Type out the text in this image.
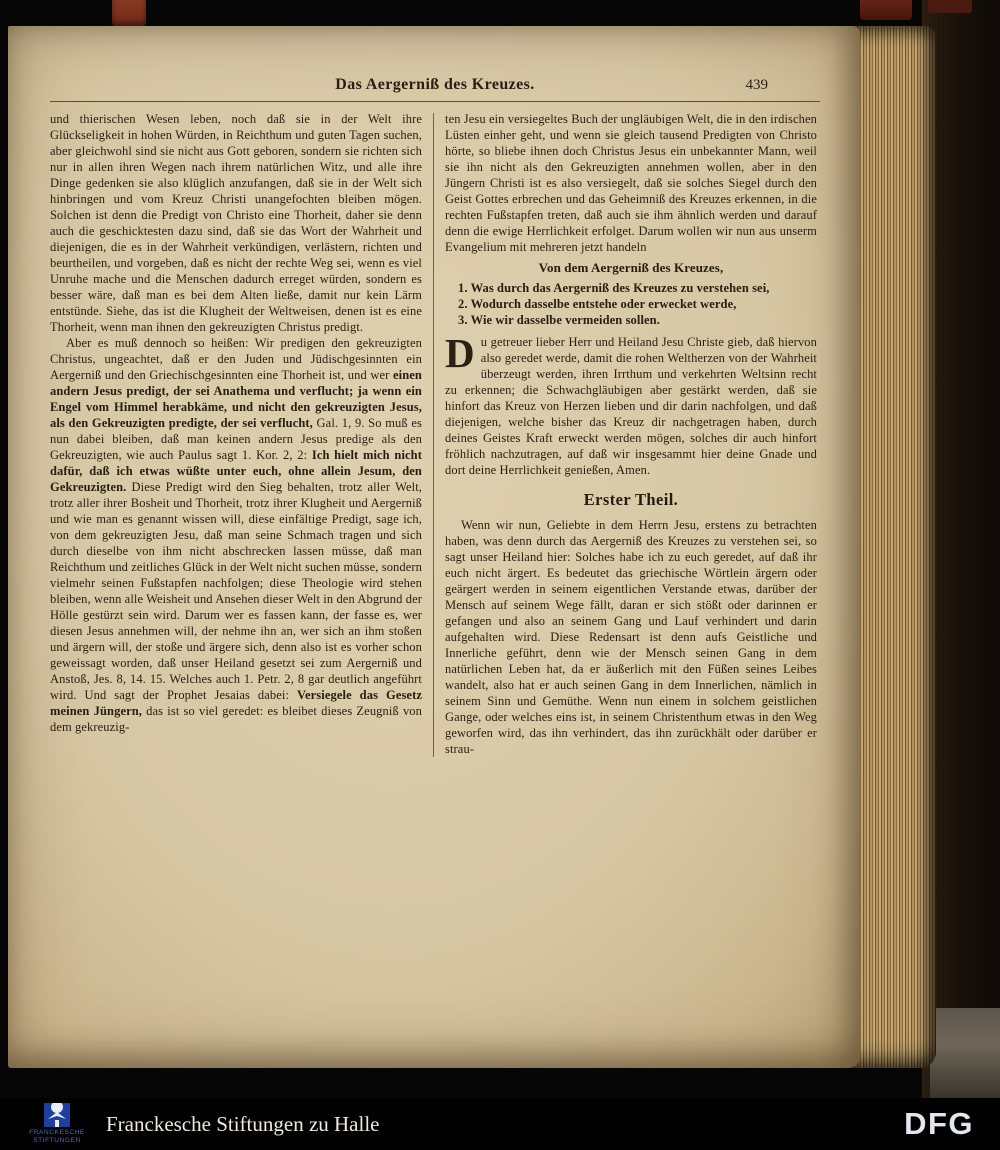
Das Aergerniß des Kreuzes.	439

und thierischen Wesen leben, noch daß sie in der Welt ihre Glückseligkeit in hohen Würden, in Reichthum und guten Tagen suchen, aber gleichwohl sind sie nicht aus Gott geboren, sondern sie richten sich nur in allen ihren Wegen nach ihrem natürlichen Witz, und alle ihre Dinge gedenken sie also klüglich anzufangen, daß sie in der Welt sich hinbringen und vom Kreuz Christi unangefochten bleiben mögen. Solchen ist denn die Predigt von Christo eine Thorheit, daher sie denn auch die geschicktesten dazu sind, daß sie das Wort der Wahrheit und diejenigen, die es in der Wahrheit verkündigen, verlästern, richten und beurtheilen, und vorgeben, daß es nicht der rechte Weg sei, wenn es viel Unruhe mache und die Menschen dadurch erreget würden, sondern es besser wäre, daß man es bei dem Alten ließe, damit nur kein Lärm entstünde. Siehe, das ist die Klugheit der Weltweisen, denen ist es eine Thorheit, wenn man ihnen den gekreuzigten Christus predigt.

Aber es muß dennoch so heißen: Wir predigen den gekreuzigten Christus, ungeachtet, daß er den Juden und Jüdischgesinnten ein Aergerniß und den Griechischgesinnten eine Thorheit ist, und wer einen andern Jesus predigt, der sei Anathema und verflucht; ja wenn ein Engel vom Himmel herabkäme, und nicht den gekreuzigten Jesus, als den Gekreuzigten predigte, der sei verflucht, Gal. 1, 9. So muß es nun dabei bleiben, daß man keinen andern Jesus predige als den Gekreuzigten, wie auch Paulus sagt 1. Kor. 2, 2: Ich hielt mich nicht dafür, daß ich etwas wüßte unter euch, ohne allein Jesum, den Gekreuzigten. Diese Predigt wird den Sieg behalten, trotz aller Welt, trotz aller ihrer Bosheit und Thorheit, trotz ihrer Klugheit und Aergerniß und wie man es genannt wissen will, diese einfältige Predigt, sage ich, von dem gekreuzigten Jesu, daß man seine Schmach tragen und sich durch dieselbe von ihm nicht abschrecken lassen müsse, daß man Reichthum und zeitliches Glück in der Welt nicht suchen müsse, sondern vielmehr seinen Fußstapfen nachfolgen; diese Theologie wird stehen bleiben, wenn alle Weisheit und Ansehen dieser Welt in den Abgrund der Hölle gestürzt sein wird. Darum wer es fassen kann, der fasse es, wer diesen Jesus annehmen will, der nehme ihn an, wer sich an ihm stoßen und ärgern will, der stoße und ärgere sich, denn also ist es vorher schon geweissagt worden, daß unser Heiland gesetzt sei zum Aergerniß und Anstoß, Jes. 8, 14. 15. Welches auch 1. Petr. 2, 8 gar deutlich angeführt wird. Und sagt der Prophet Jesaias dabei: Versiegele das Gesetz meinen Jüngern, das ist so viel geredet: es bleibet dieses Zeugniß von dem gekreuzig-

ten Jesu ein versiegeltes Buch der ungläubigen Welt, die in den irdischen Lüsten einher geht, und wenn sie gleich tausend Predigten von Christo hörte, so bliebe ihnen doch Christus Jesus ein unbekannter Mann, weil sie ihn nicht als den Gekreuzigten annehmen wollen, aber in den Jüngern Christi ist es also versiegelt, daß sie solches Siegel durch den Geist Gottes erbrechen und das Geheimniß des Kreuzes erkennen, in die rechten Fußstapfen treten, daß auch sie ihm ähnlich werden und darauf denn die ewige Herrlichkeit erfolget. Darum wollen wir nun aus unserm Evangelium mit mehreren jetzt handeln

Von dem Aergerniß des Kreuzes,
1. Was durch das Aergerniß des Kreuzes zu verstehen sei,
2. Wodurch dasselbe entstehe oder erwecket werde,
3. Wie wir dasselbe vermeiden sollen.

Du getreuer lieber Herr und Heiland Jesu Christe gieb, daß hiervon also geredet werde, damit die rohen Weltherzen von der Wahrheit überzeugt werden, ihren Irrthum und verkehrten Weltsinn recht zu erkennen; die Schwachgläubigen aber gestärkt werden, daß sie hinfort das Kreuz von Herzen lieben und dir darin nachfolgen, und daß diejenigen, welche bisher das Kreuz dir nachgetragen haben, durch deines Geistes Kraft erweckt werden mögen, solches dir auch hinfort fröhlich nachzutragen, auf daß wir insgesammt hier deine Gnade und dort deine Herrlichkeit genießen, Amen.

Erster Theil.

Wenn wir nun, Geliebte in dem Herrn Jesu, erstens zu betrachten haben, was denn durch das Aergerniß des Kreuzes zu verstehen sei, so sagt unser Heiland hier: Solches habe ich zu euch geredet, auf daß ihr euch nicht ärgert. Es bedeutet das griechische Wörtlein ärgern oder geärgert werden in seinem eigentlichen Verstande etwas, darüber der Mensch auf seinem Wege fällt, daran er sich stößt oder darinnen er gefangen und also an seinem Gang und Lauf verhindert und darin aufgehalten wird. Diese Redensart ist denn aufs Geistliche und Innerliche geführt, denn wie der Mensch seinen Gang in dem natürlichen Leben hat, da er äußerlich mit den Füßen seines Leibes wandelt, also hat er auch seinen Gang in dem Innerlichen, nämlich in seinem Sinn und Gemüthe. Wenn nun einem in solchem geistlichen Gange, oder welches eins ist, in seinem Christenthum etwas in den Weg geworfen wird, das ihn verhindert, das ihn zurückhält oder darüber er strau-

FRANCKESCHE
STIFTUNGEN
Franckesche Stiftungen zu Halle	DFG
